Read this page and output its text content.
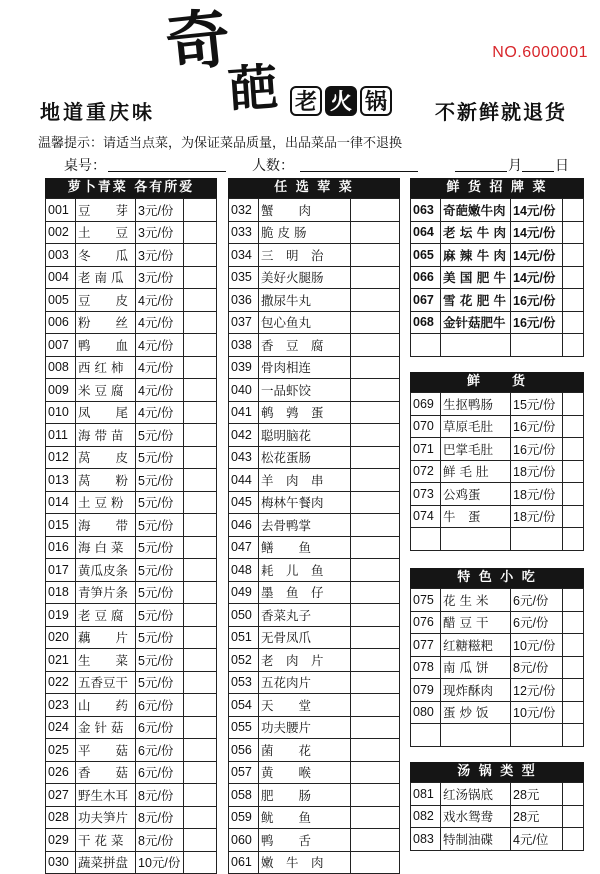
NO.6000001
地道重庆味
奇
葩 老 火 锅 不新鲜就退货
温馨提示：请适当点菜，为保证菜品质量，出品菜品一律不退换
桌号：	人数：	月 日
萝卜青菜 各有所爱
001	豆　　芽	3元/份	
002	土　　豆	3元/份	
003	冬　　瓜	3元/份	
004	老 南 瓜	3元/份	
005	豆　　皮	4元/份	
006	粉　　丝	4元/份	
007	鸭　　血	4元/份	
008	西 红 柿	4元/份	
009	米 豆 腐	4元/份	
010	凤　　尾	4元/份	
011	海 带 苗	5元/份	
012	莴　　皮	5元/份	
013	莴　　粉	5元/份	
014	土 豆 粉	5元/份	
015	海　　带	5元/份	
016	海 白 菜	5元/份	
017	黄瓜皮条	5元/份	
018	青笋片条	5元/份	
019	老 豆 腐	5元/份	
020	藕　　片	5元/份	
021	生　　菜	5元/份	
022	五香豆干	5元/份	
023	山　　药	6元/份	
024	金 针 菇	6元/份	
025	平　　菇	6元/份	
026	香　　菇	6元/份	
027	野生木耳	8元/份	
028	功夫笋片	8元/份	
029	干 花 菜	8元/份	
030	蔬菜拼盘	10元/份	
任 选 荤 菜
032	蟹　　肉	
033	脆 皮 肠	
034	三　明　治	
035	美好火腿肠	
036	撒尿牛丸	
037	包心鱼丸	
038	香　豆　腐	
039	骨肉相连	
040	一品虾饺	
041	鹌　鹑　蛋	
042	聪明脑花	
043	松花蛋肠	
044	羊　肉　串	
045	梅林午餐肉	
046	去骨鸭掌	
047	鳝　　鱼	
048	耗　儿　鱼	
049	墨　鱼　仔	
050	香菜丸子	
051	无骨凤爪	
052	老　肉　片	
053	五花肉片	
054	天　　堂	
055	功夫腰片	
056	菌　　花	
057	黄　　喉	
058	肥　　肠	
059	鱿　　鱼	
060	鸭　　舌	
061	嫩　牛　肉	
鲜 货 招 牌 菜
063	奇葩嫩牛肉	14元/份	
064	老 坛 牛 肉	14元/份	
065	麻 辣 牛 肉	14元/份	
066	美 国 肥 牛	14元/份	
067	雪 花 肥 牛	16元/份	
068	金针菇肥牛	16元/份	

鲜　　货
069	生抠鸭肠	15元/份	
070	草原毛肚	16元/份	
071	巴掌毛肚	16元/份	
072	鲜 毛 肚	18元/份	
073	公鸡蛋	18元/份	
074	牛　蛋	18元/份	

特 色 小 吃
075	花 生 米	6元/份	
076	醋 豆 干	6元/份	
077	红糖糍粑	10元/份	
078	南 瓜 饼	8元/份	
079	现炸酥肉	12元/份	
080	蛋 炒 饭	10元/份	

汤 锅 类 型
081	红汤锅底	28元	
082	戏水鸳鸯	28元	
083	特制油碟	4元/位	
